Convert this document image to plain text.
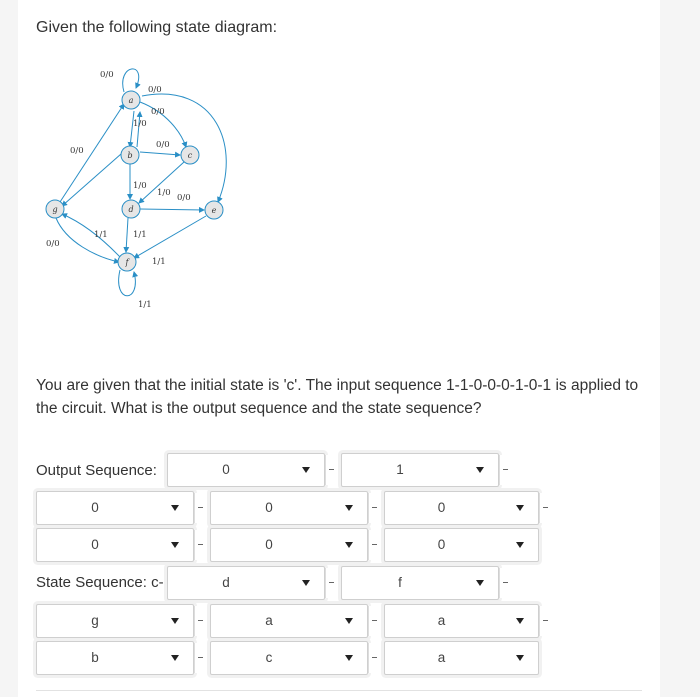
Given the following state diagram:
a
b	c
d	e
g
f
0/0
0/0
0/0
1/0
0/0
0/0
1/0
1/0 0/0
0/0
1/1	1/1
1/1
1/1
You are given that the initial state is 'c'. The input sequence 1-1-0-0-0-1-0-1 is applied to the circuit. What is the output sequence and the state sequence?
Output Sequence:	0	1
0	0	0
0	0	0
State Sequence: c-	d	f
g	a	a
b	c	a
